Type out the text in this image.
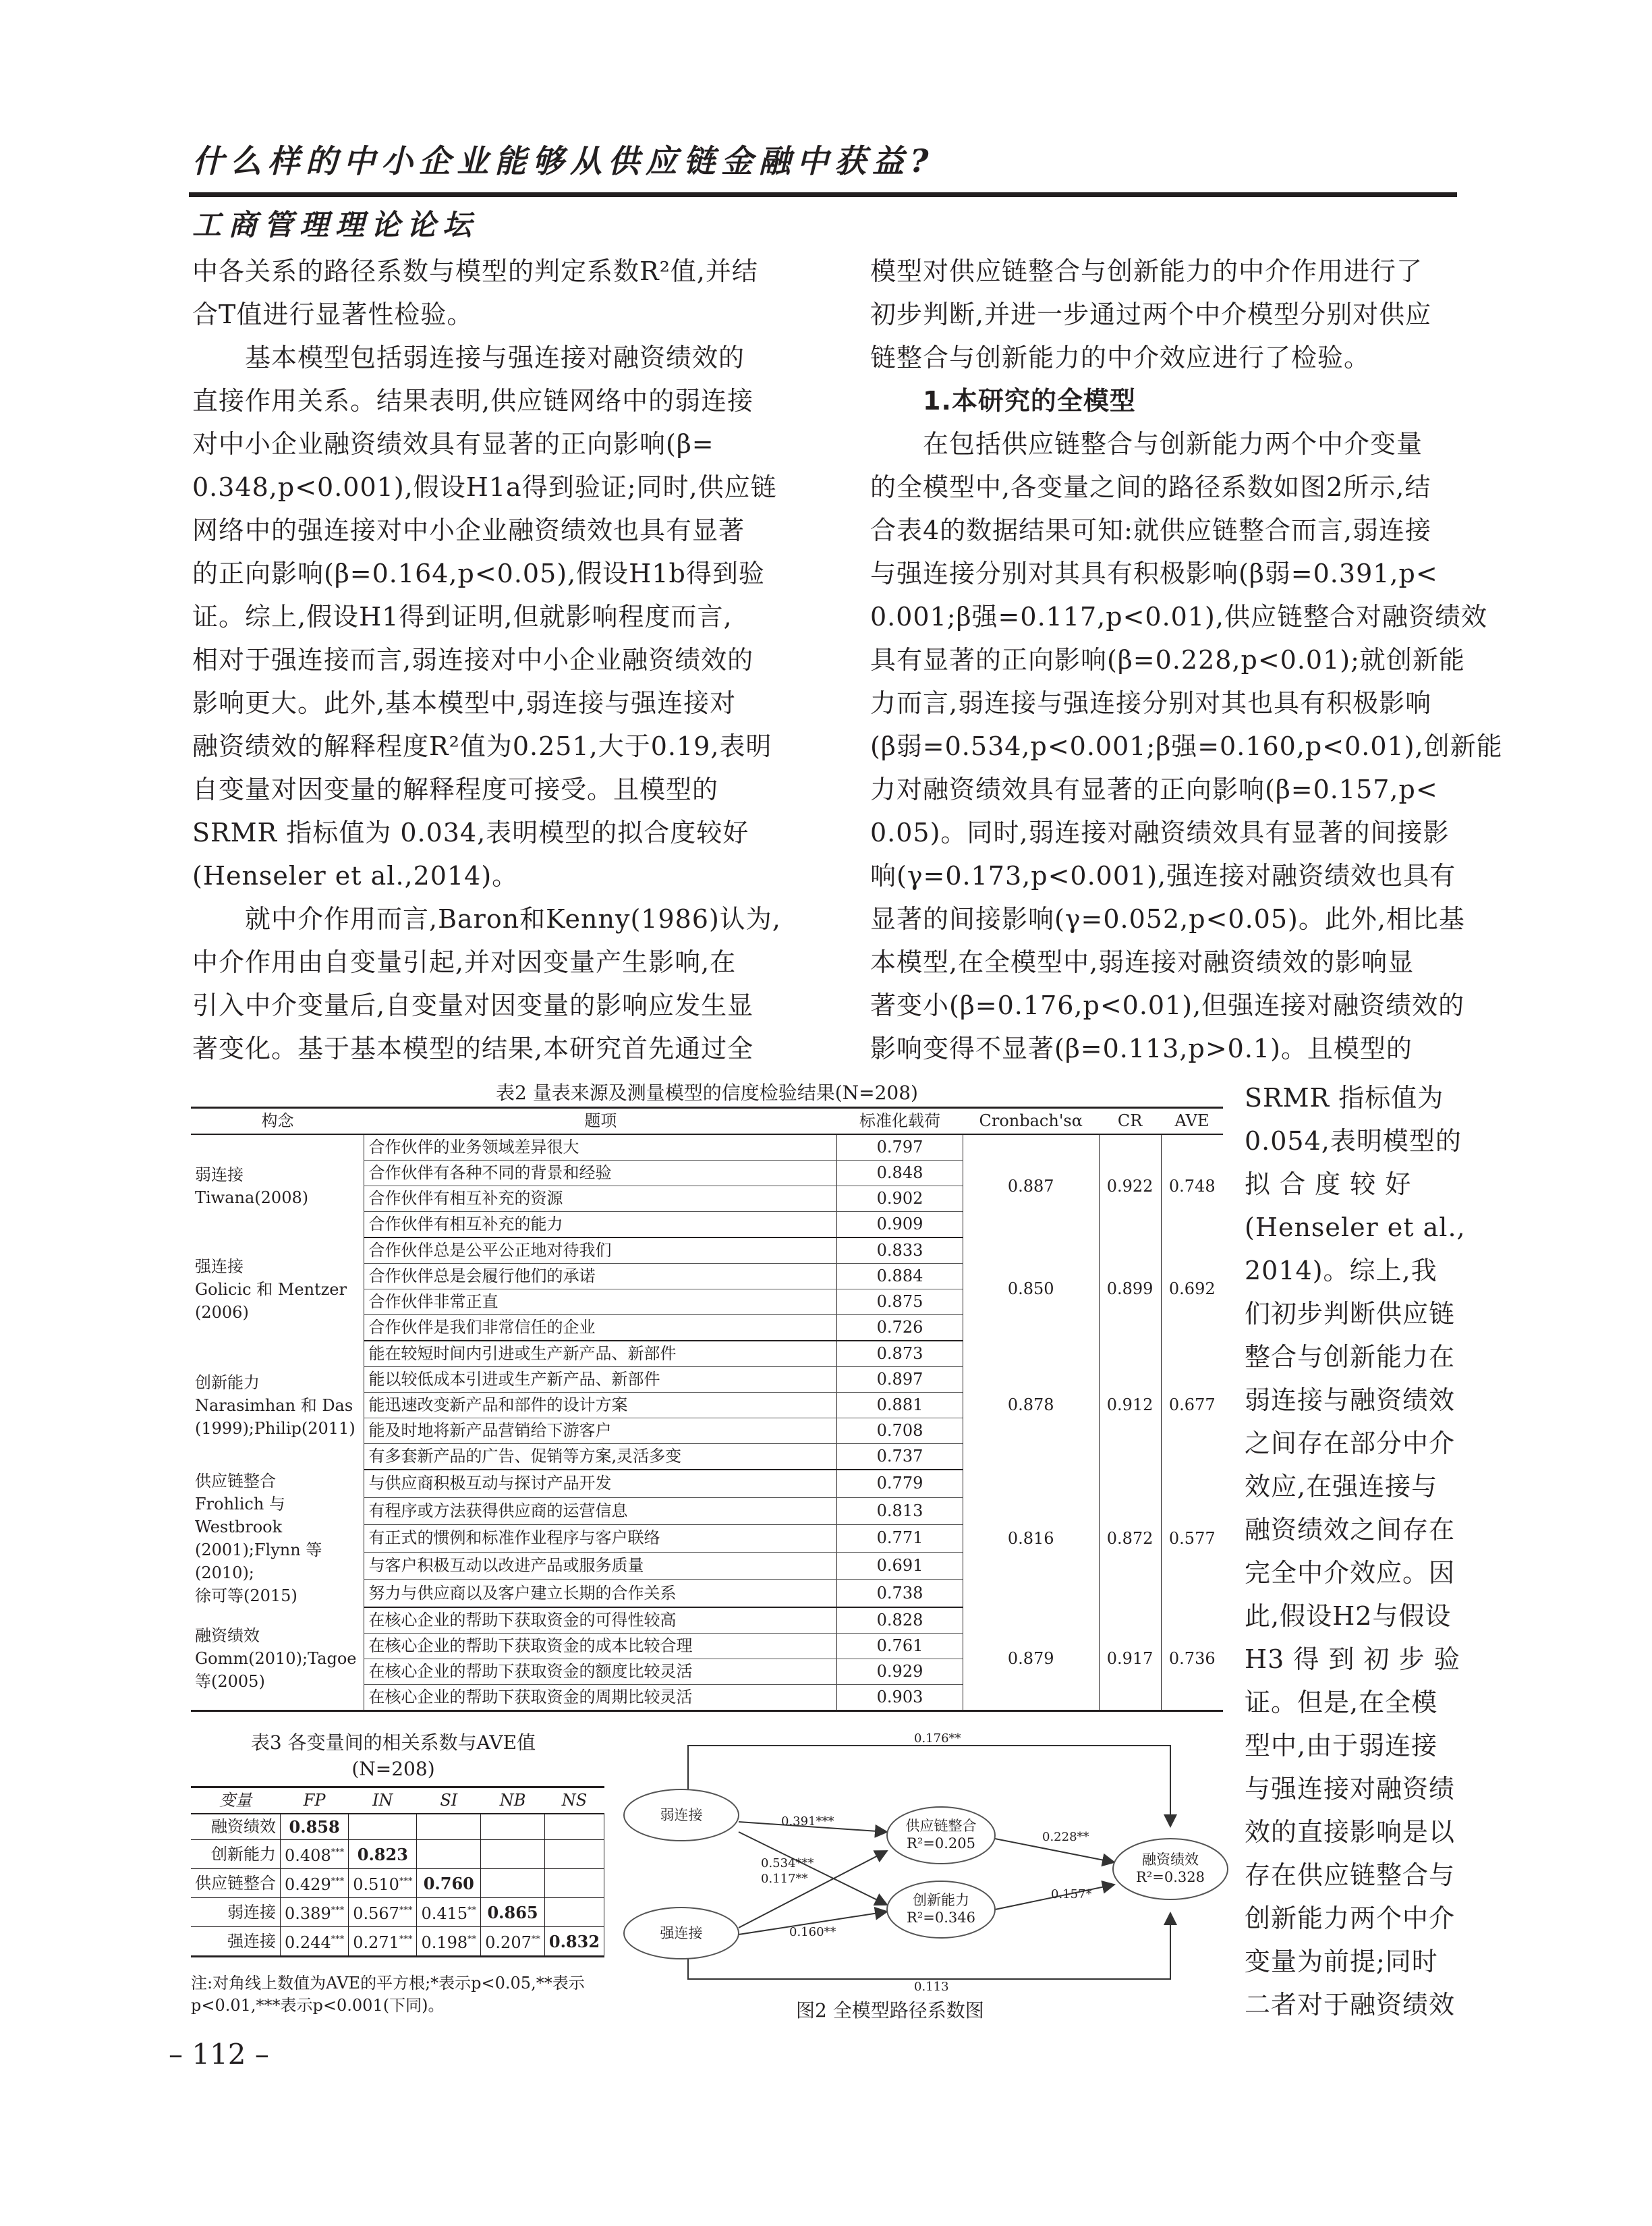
什么样的中小企业能够从供应链金融中获益?
工商管理理论论坛
中各关系的路径系数与模型的判定系数R²值,并结
合T值进行显著性检验。
基本模型包括弱连接与强连接对融资绩效的
直接作用关系。结果表明,供应链网络中的弱连接
对中小企业融资绩效具有显著的正向影响(β=
0.348,p<0.001),假设H1a得到验证;同时,供应链
网络中的强连接对中小企业融资绩效也具有显著
的正向影响(β=0.164,p<0.05),假设H1b得到验
证。综上,假设H1得到证明,但就影响程度而言,
相对于强连接而言,弱连接对中小企业融资绩效的
影响更大。此外,基本模型中,弱连接与强连接对
融资绩效的解释程度R²值为0.251,大于0.19,表明
自变量对因变量的解释程度可接受。且模型的
SRMR 指标值为 0.034,表明模型的拟合度较好
(Henseler et al.,2014)。
就中介作用而言,Baron和Kenny(1986)认为,
中介作用由自变量引起,并对因变量产生影响,在
引入中介变量后,自变量对因变量的影响应发生显
著变化。基于基本模型的结果,本研究首先通过全
模型对供应链整合与创新能力的中介作用进行了
初步判断,并进一步通过两个中介模型分别对供应
链整合与创新能力的中介效应进行了检验。
1.本研究的全模型
在包括供应链整合与创新能力两个中介变量
的全模型中,各变量之间的路径系数如图2所示,结
合表4的数据结果可知:就供应链整合而言,弱连接
与强连接分别对其具有积极影响(β弱=0.391,p<
0.001;β强=0.117,p<0.01),供应链整合对融资绩效
具有显著的正向影响(β=0.228,p<0.01);就创新能
力而言,弱连接与强连接分别对其也具有积极影响
(β弱=0.534,p<0.001;β强=0.160,p<0.01),创新能
力对融资绩效具有显著的正向影响(β=0.157,p<
0.05)。同时,弱连接对融资绩效具有显著的间接影
响(γ=0.173,p<0.001),强连接对融资绩效也具有
显著的间接影响(γ=0.052,p<0.05)。此外,相比基
本模型,在全模型中,弱连接对融资绩效的影响显
著变小(β=0.176,p<0.01),但强连接对融资绩效的
影响变得不显著(β=0.113,p>0.1)。且模型的
SRMR 指标值为
0.054,表明模型的
拟 合 度 较 好
(Henseler et al.,
2014)。综上,我
们初步判断供应链
整合与创新能力在
弱连接与融资绩效
之间存在部分中介
效应,在强连接与
融资绩效之间存在
完全中介效应。因
此,假设H2与假设
H3 得 到 初 步 验
证。但是,在全模
型中,由于弱连接
与强连接对融资绩
效的直接影响是以
存在供应链整合与
创新能力两个中介
变量为前提;同时
二者对于融资绩效
表2 量表来源及测量模型的信度检验结果(N=208)
构念	题项	标准化载荷	Cronbach'sα	CR	AVE
弱连接
Tiwana(2008)	合作伙伴的业务领域差异很大	0.797	0.887	0.922	0.748
	合作伙伴有各种不同的背景和经验	0.848			
	合作伙伴有相互补充的资源	0.902			
	合作伙伴有相互补充的能力	0.909			
强连接
Golicic 和 Mentzer
(2006)	合作伙伴总是公平公正地对待我们	0.833	0.850	0.899	0.692
	合作伙伴总是会履行他们的承诺	0.884			
	合作伙伴非常正直	0.875			
	合作伙伴是我们非常信任的企业	0.726			
创新能力
Narasimhan 和 Das
(1999);Philip(2011)	能在较短时间内引进或生产新产品、新部件	0.873	0.878	0.912	0.677
	能以较低成本引进或生产新产品、新部件	0.897			
	能迅速改变新产品和部件的设计方案	0.881			
	能及时地将新产品营销给下游客户	0.708			
	有多套新产品的广告、促销等方案,灵活多变	0.737			
供应链整合
Frohlich 与 Westbrook
(2001);Flynn 等
(2010);
徐可等(2015)	与供应商积极互动与探讨产品开发	0.779	0.816	0.872	0.577
	有程序或方法获得供应商的运营信息	0.813			
	有正式的惯例和标准作业程序与客户联络	0.771			
	与客户积极互动以改进产品或服务质量	0.691			
	努力与供应商以及客户建立长期的合作关系	0.738			
融资绩效
Gomm(2010);Tagoe
等(2005)	在核心企业的帮助下获取资金的可得性较高	0.828	0.879	0.917	0.736
	在核心企业的帮助下获取资金的成本比较合理	0.761			
	在核心企业的帮助下获取资金的额度比较灵活	0.929			
	在核心企业的帮助下获取资金的周期比较灵活	0.903			
表3 各变量间的相关系数与AVE值
(N=208)
变量	FP	IN	SI	NB	NS
融资绩效	0.858				
创新能力	0.408***	0.823			
供应链整合	0.429***	0.510***	0.760		
弱连接	0.389***	0.567***	0.415**	0.865	
强连接	0.244***	0.271***	0.198**	0.207**	0.832
注:对角线上数值为AVE的平方根;*表示p<0.05,**表示p<0.01,***表示p<0.001(下同)。
弱连接
强连接
供应链整合
R²=0.205
创新能力
R²=0.346
融资绩效
R²=0.328
0.176**
0.113
0.391***
0.534***
0.117**
0.160**
0.228**
0.157*
图2 全模型路径系数图
– 112 –
